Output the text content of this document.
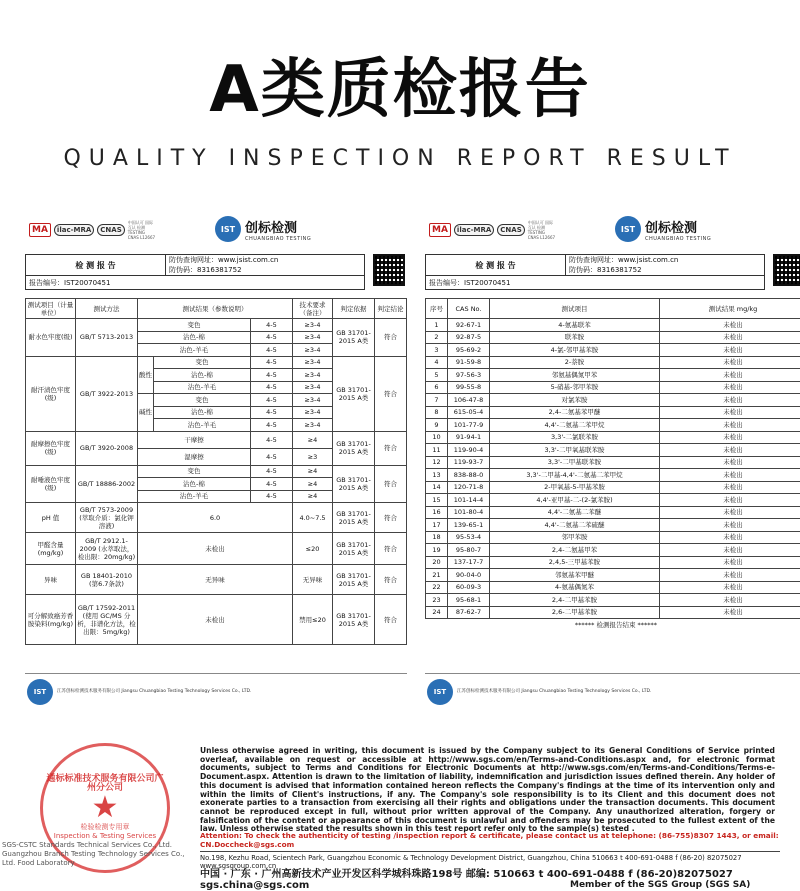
A类质检报告
QUALITY INSPECTION REPORT RESULT
MA	ilac-MRA	CNAS
中国认可 国际互认 检测 TESTING CNAS L12667
IST 创标检测
CHUANGBIAO TESTING
检 测 报 告	防伪查询网址：www.jsist.com.cn
防伪码：8316381752
报告编号：IST20070451
测试项目（计量单位）	测试方法	测试结果（参数说明）			技术要求（备注）	判定依据	判定结论
耐水色牢度(级)	GB/T 5713-2013	变色		4-5	≥3-4	GB 31701-2015 A类	符合
		沾色-棉		4-5	≥3-4		
		沾色-羊毛		4-5	≥3-4		
耐汗渍色牢度(级)	GB/T 3922-2013	酸性	变色	4-5	≥3-4	GB 31701-2015 A类	符合
			沾色-棉	4-5	≥3-4		
			沾色-羊毛	4-5	≥3-4		
		碱性	变色	4-5	≥3-4		
			沾色-棉	4-5	≥3-4		
			沾色-羊毛	4-5	≥3-4		
耐摩擦色牢度(级)	GB/T 3920-2008	干摩擦		4-5	≥4	GB 31701-2015 A类	符合
		湿摩擦		4-5	≥3		
耐唾液色牢度(级)	GB/T 18886-2002	变色		4-5	≥4	GB 31701-2015 A类	符合
		沾色-棉		4-5	≥4		
		沾色-羊毛		4-5	≥4		
pH 值	GB/T 7573-2009 (萃取介质：氯化钾溶液)	6.0			4.0~7.5	GB 31701-2015 A类	符合
甲醛含量 (mg/kg)	GB/T 2912.1-2009 (水萃取法，检出限：20mg/kg)	未检出			≤20	GB 31701-2015 A类	符合
异味	GB 18401-2010 (第6.7条款)	无异味			无异味	GB 31701-2015 A类	符合
可分解致癌芳香胺染料(mg/kg)	GB/T 17592-2011 (使用 GC/MS 分析，非谱化方法，检出限：5mg/kg)	未检出			禁用≤20	GB 31701-2015 A类	符合
MA	ilac-MRA	CNAS
中国认可 国际互认 检测 TESTING CNAS L12667
IST 创标检测
CHUANGBIAO TESTING
检 测 报 告	防伪查询网址：www.jsist.com.cn
防伪码：8316381752
报告编号：IST20070451
序号	CAS No.	测试项目	测试结果 mg/kg
1	92-67-1	4-氨基联苯	未检出
2	92-87-5	联苯胺	未检出
3	95-69-2	4-氯-邻甲基苯胺	未检出
4	91-59-8	2-萘胺	未检出
5	97-56-3	邻氨基偶氮甲苯	未检出
6	99-55-8	5-硝基-邻甲苯胺	未检出
7	106-47-8	对氯苯胺	未检出
8	615-05-4	2,4-二氨基苯甲醚	未检出
9	101-77-9	4,4'-二氨基二苯甲烷	未检出
10	91-94-1	3,3'-二氯联苯胺	未检出
11	119-90-4	3,3'-二甲氧基联苯胺	未检出
12	119-93-7	3,3'-二甲基联苯胺	未检出
13	838-88-0	3,3'-二甲基-4,4'-二氨基二苯甲烷	未检出
14	120-71-8	2-甲氧基-5-甲基苯胺	未检出
15	101-14-4	4,4'-亚甲基-二-(2-氯苯胺)	未检出
16	101-80-4	4,4'-二氨基二苯醚	未检出
17	139-65-1	4,4'-二氨基二苯硫醚	未检出
18	95-53-4	邻甲苯胺	未检出
19	95-80-7	2,4-二氨基甲苯	未检出
20	137-17-7	2,4,5-三甲基苯胺	未检出
21	90-04-0	邻氨基苯甲醚	未检出
22	60-09-3	4-氨基偶氮苯	未检出
23	95-68-1	2,4-二甲基苯胺	未检出
24	87-62-7	2,6-二甲基苯胺	未检出
****** 检测报告结束 ******			
IST	江苏创标检测技术服务有限公司 Jiangsu Chuangbiao Testing Technology Services Co., LTD.	IST	江苏创标检测技术服务有限公司 Jiangsu Chuangbiao Testing Technology Services Co., LTD.
通标标准技术服务有限公司广州分公司
★
检验检测专用章
Inspection & Testing Services
Unless otherwise agreed in writing, this document is issued by the Company subject to its General Conditions of Service printed overleaf, available on request or accessible at http://www.sgs.com/en/Terms-and-Conditions.aspx and, for electronic format documents, subject to Terms and Conditions for Electronic Documents at http://www.sgs.com/en/Terms-and-Conditions/Terms-e-Document.aspx. Attention is drawn to the limitation of liability, indemnification and jurisdiction issues defined therein. Any holder of this document is advised that information contained hereon reflects the Company's findings at the time of its intervention only and within the limits of Client's instructions, if any. The Company's sole responsibility is to its Client and this document does not exonerate parties to a transaction from exercising all their rights and obligations under the transaction documents. This document cannot be reproduced except in full, without prior written approval of the Company. Any unauthorized alteration, forgery or falsification of the content or appearance of this document is unlawful and offenders may be prosecuted to the fullest extent of the law. Unless otherwise stated the results shown in this test report refer only to the sample(s) tested .
Attention: To check the authenticity of testing /inspection report & certificate, please contact us at telephone: (86-755)8307 1443, or email: CN.Doccheck@sgs.com
SGS-CSTC Standards Technical Services Co., Ltd.
Guangzhou Branch Testing Technology Services Co., Ltd. Food Laboratory
No.198, Kezhu Road, Scientech Park, Guangzhou Economic & Technology Development District, Guangzhou, China 510663 t 400-691-0488 f (86-20) 82075027 www.sgsgroup.com.cn
中国 · 广东 · 广州高新技术产业开发区科学城科珠路198号 邮编: 510663 t 400-691-0488 f (86-20)82075027 sgs.china@sgs.com	Member of the SGS Group (SGS SA)
